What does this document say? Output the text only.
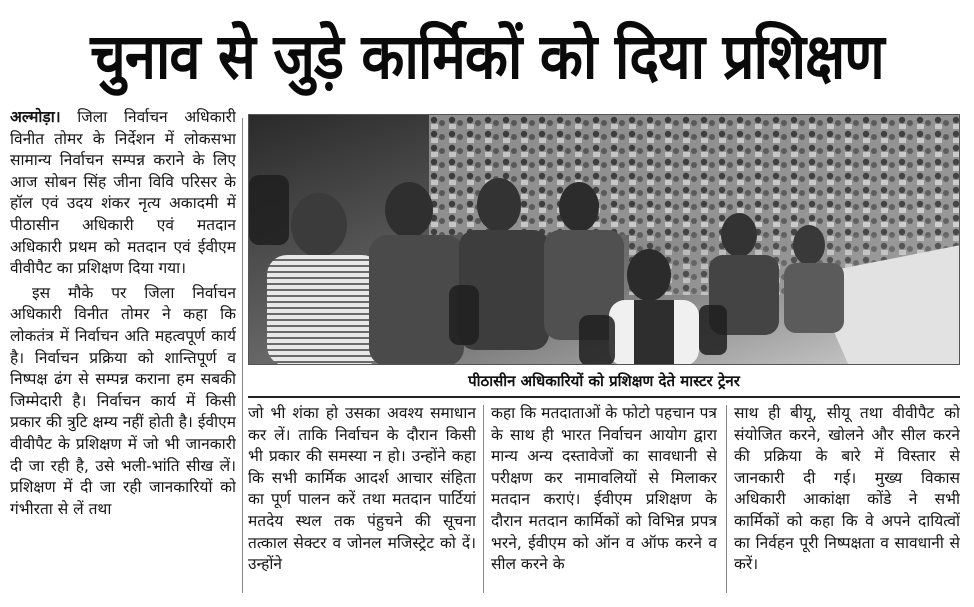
चुनाव से जुड़े कार्मिकों को दिया प्रशिक्षण

अल्मोड़ा। जिला निर्वाचन अधिकारी विनीत तोमर के निर्देशन में लोकसभा सामान्य निर्वाचन सम्पन्न कराने के लिए आज सोबन सिंह जीना विवि परिसर के हॉल एवं उदय शंकर नृत्य अकादमी में पीठासीन अधिकारी एवं मतदान अधिकारी प्रथम को मतदान एवं ईवीएम वीवीपैट का प्रशिक्षण दिया गया।

इस मौके पर जिला निर्वाचन अधिकारी विनीत तोमर ने कहा कि लोकतंत्र में निर्वाचन अति महत्वपूर्ण कार्य है। निर्वाचन प्रक्रिया को शान्तिपूर्ण व निष्पक्ष ढंग से सम्पन्न कराना हम सबकी जिम्मेदारी है। निर्वाचन कार्य में किसी प्रकार की त्रुटि क्षम्य नहीं होती है। ईवीएम वीवीपैट के प्रशिक्षण में जो भी जानकारी दी जा रही है, उसे भली-भांति सीख लें। प्रशिक्षण में दी जा रही जानकारियों को गंभीरता से लें तथा

पीठासीन अधिकारियों को प्रशिक्षण देते मास्टर ट्रेनर

जो भी शंका हो उसका अवश्य समाधान कर लें। ताकि निर्वाचन के दौरान किसी भी प्रकार की समस्या न हो। उन्होंने कहा कि सभी कार्मिक आदर्श आचार संहिता का पूर्ण पालन करें तथा मतदान पार्टियां मतदेय स्थल तक पंहुचने की सूचना तत्काल सेक्टर व जोनल मजिस्ट्रेट को दें। उन्होंने

कहा कि मतदाताओं के फोटो पहचान पत्र के साथ ही भारत निर्वाचन आयोग द्वारा मान्य अन्य दस्तावेजों का सावधानी से परीक्षण कर नामावलियों से मिलाकर मतदान कराएं। ईवीएम प्रशिक्षण के दौरान मतदान कार्मिकों को विभिन्न प्रपत्र भरने, ईवीएम को ऑन व ऑफ करने व सील करने के

साथ ही बीयू, सीयू तथा वीवीपैट को संयोजित करने, खोलने और सील करने की प्रक्रिया के बारे में विस्तार से जानकारी दी गई। मुख्य विकास अधिकारी आकांक्षा कोंडे ने सभी कार्मिकों को कहा कि वे अपने दायित्वों का निर्वहन पूरी निष्पक्षता व सावधानी से करें।
